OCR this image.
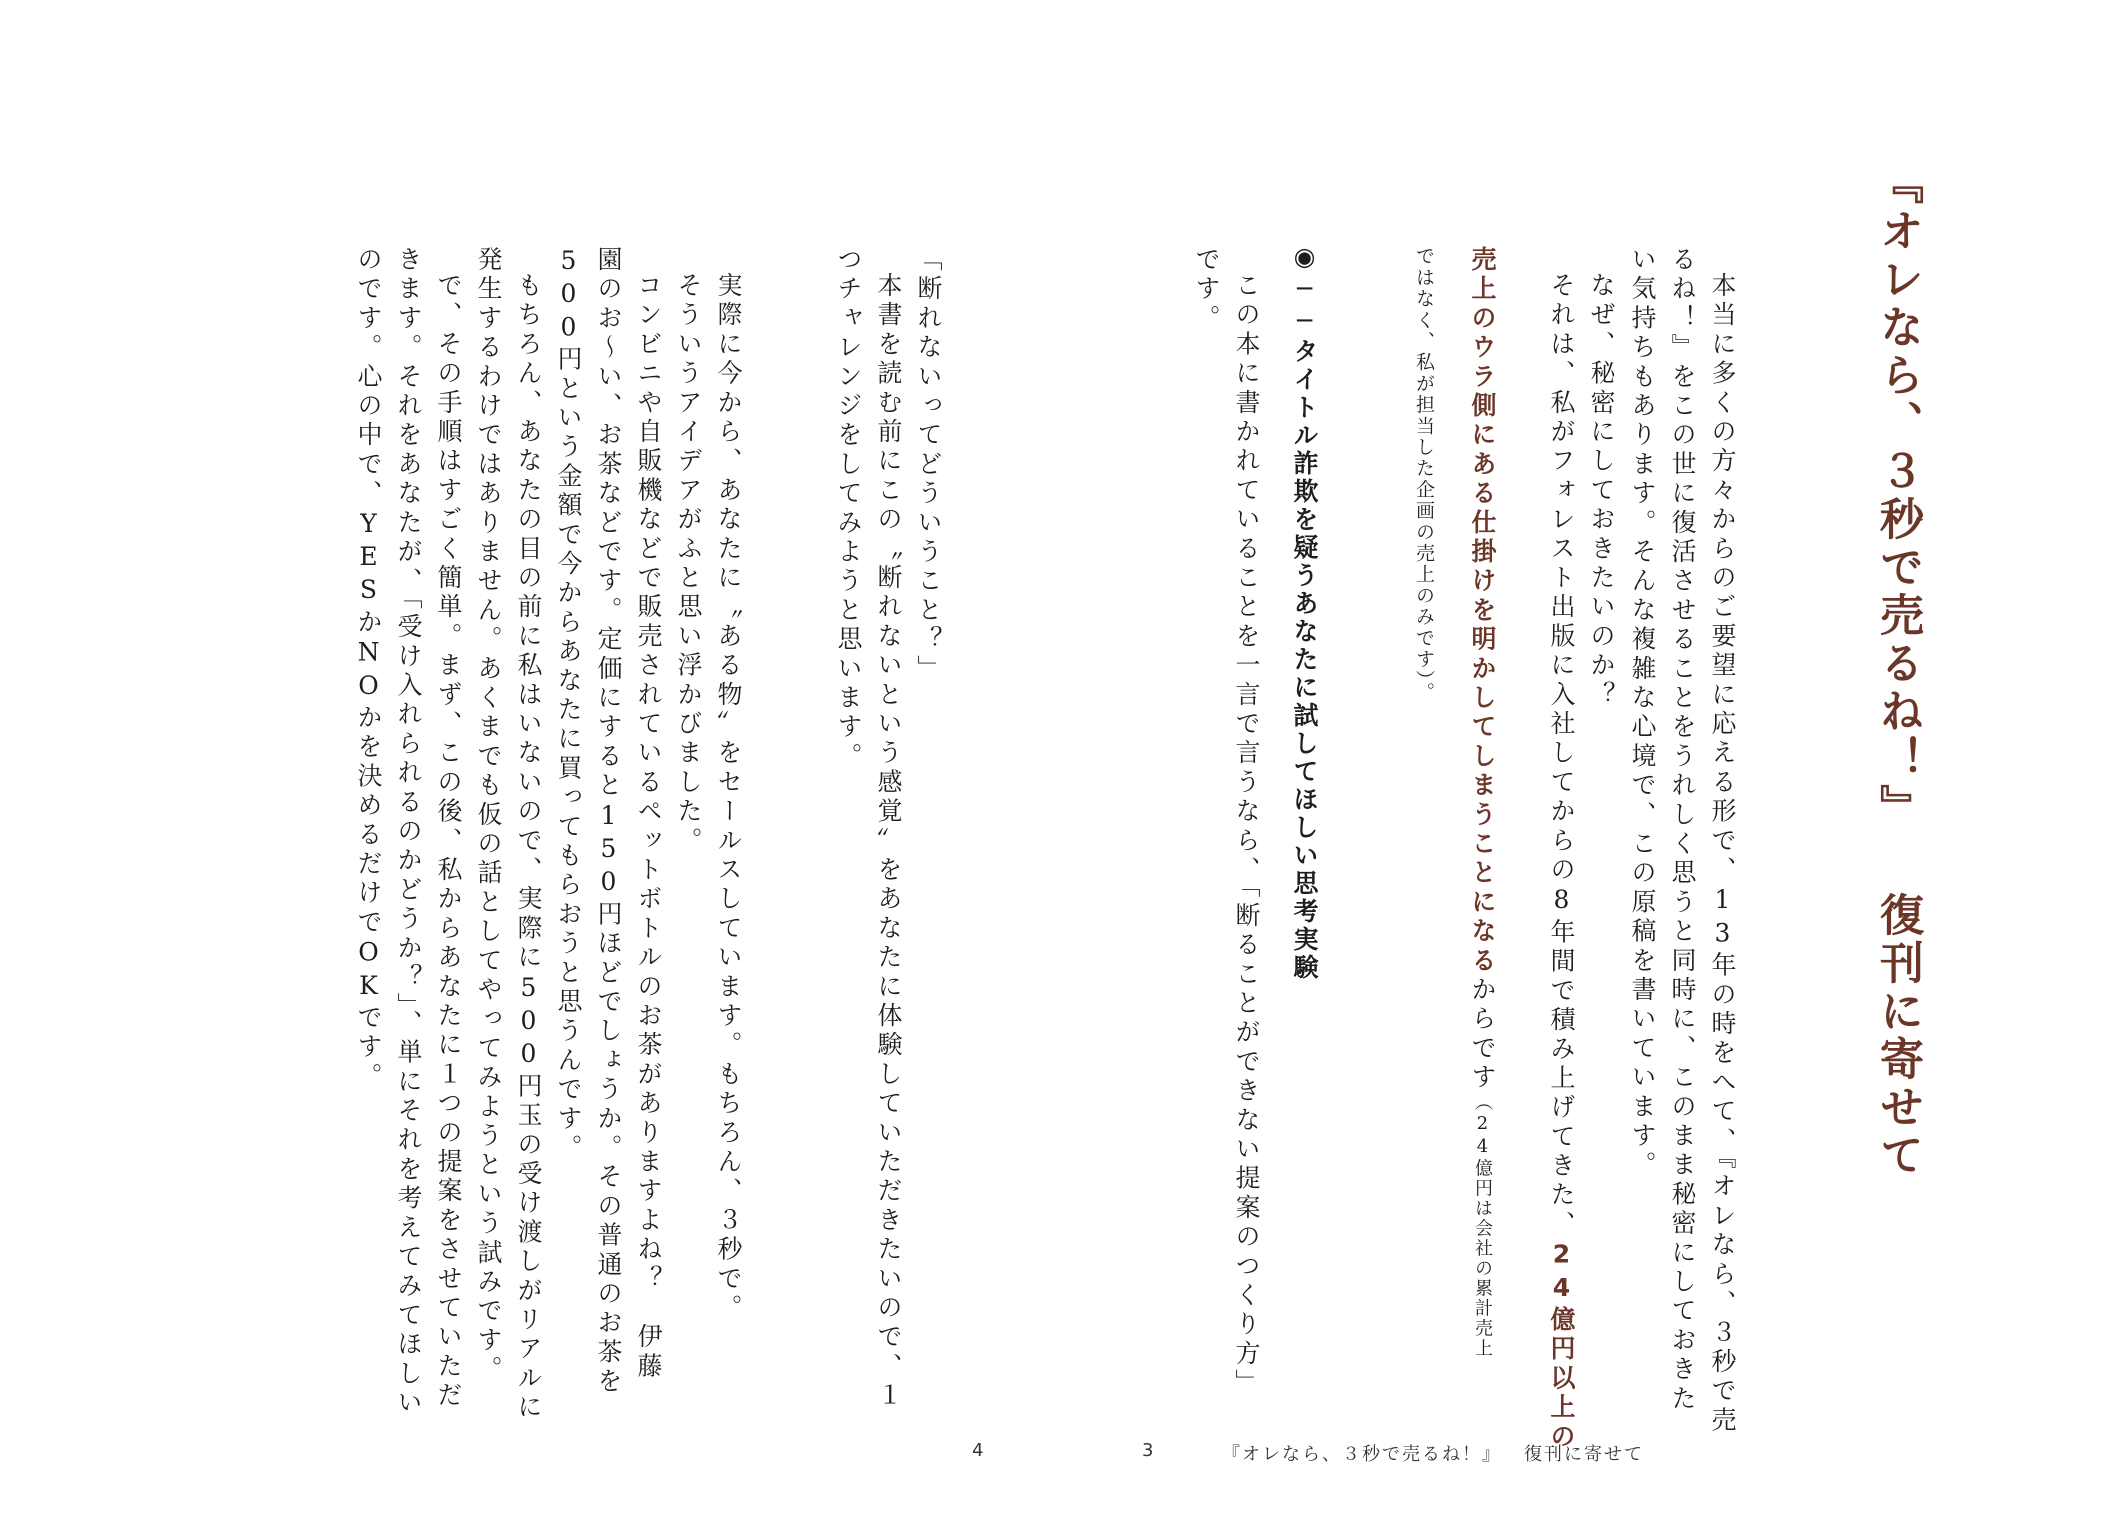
『オレなら、３秒で売るね！』復刊に寄せて

本当に多くの方々からのご要望に応える形で、13年の時をへて、『オレなら、３秒で売

るね！』をこの世に復活させることをうれしく思うと同時に、このまま秘密にしておきた

い気持ちもあります。そんな複雑な心境で、この原稿を書いています。

なぜ、秘密にしておきたいのか？

それは、私がフォレスト出版に入社してからの8年間で積み上げてきた、24億円以上の

売上のウラ側にある仕掛けを明かしてしまうことになるからです（24億円は会社の累計売上

ではなく、私が担当した企画の売上のみです）。

◉──タイトル詐欺を疑うあなたに試してほしい思考実験

この本に書かれていることを一言で言うなら、「断ることができない提案のつくり方」

です。

「断れないってどういうこと？」

本書を読む前にこの〝断れないという感覚〟をあなたに体験していただきたいので、１

つチャレンジをしてみようと思います。

実際に今から、あなたに〝ある物〟をセールスしています。もちろん、３秒で。

そういうアイデアがふと思い浮かびました。

コンビニや自販機などで販売されているペットボトルのお茶がありますよね？　伊藤

園のお～い、お茶などです。定価にすると150円ほどでしょうか。その普通のお茶を

500円という金額で今からあなたに買ってもらおうと思うんです。

もちろん、あなたの目の前に私はいないので、実際に500円玉の受け渡しがリアルに

発生するわけではありません。あくまでも仮の話としてやってみようという試みです。

で、その手順はすごく簡単。まず、この後、私からあなたに１つの提案をさせていただ

きます。それをあなたが、「受け入れられるのかどうか？」、単にそれを考えてみてほしい

のです。心の中で、YESかNOかを決めるだけでOKです。

4	3	『オレなら、３秒で売るね！』 復刊に寄せて
